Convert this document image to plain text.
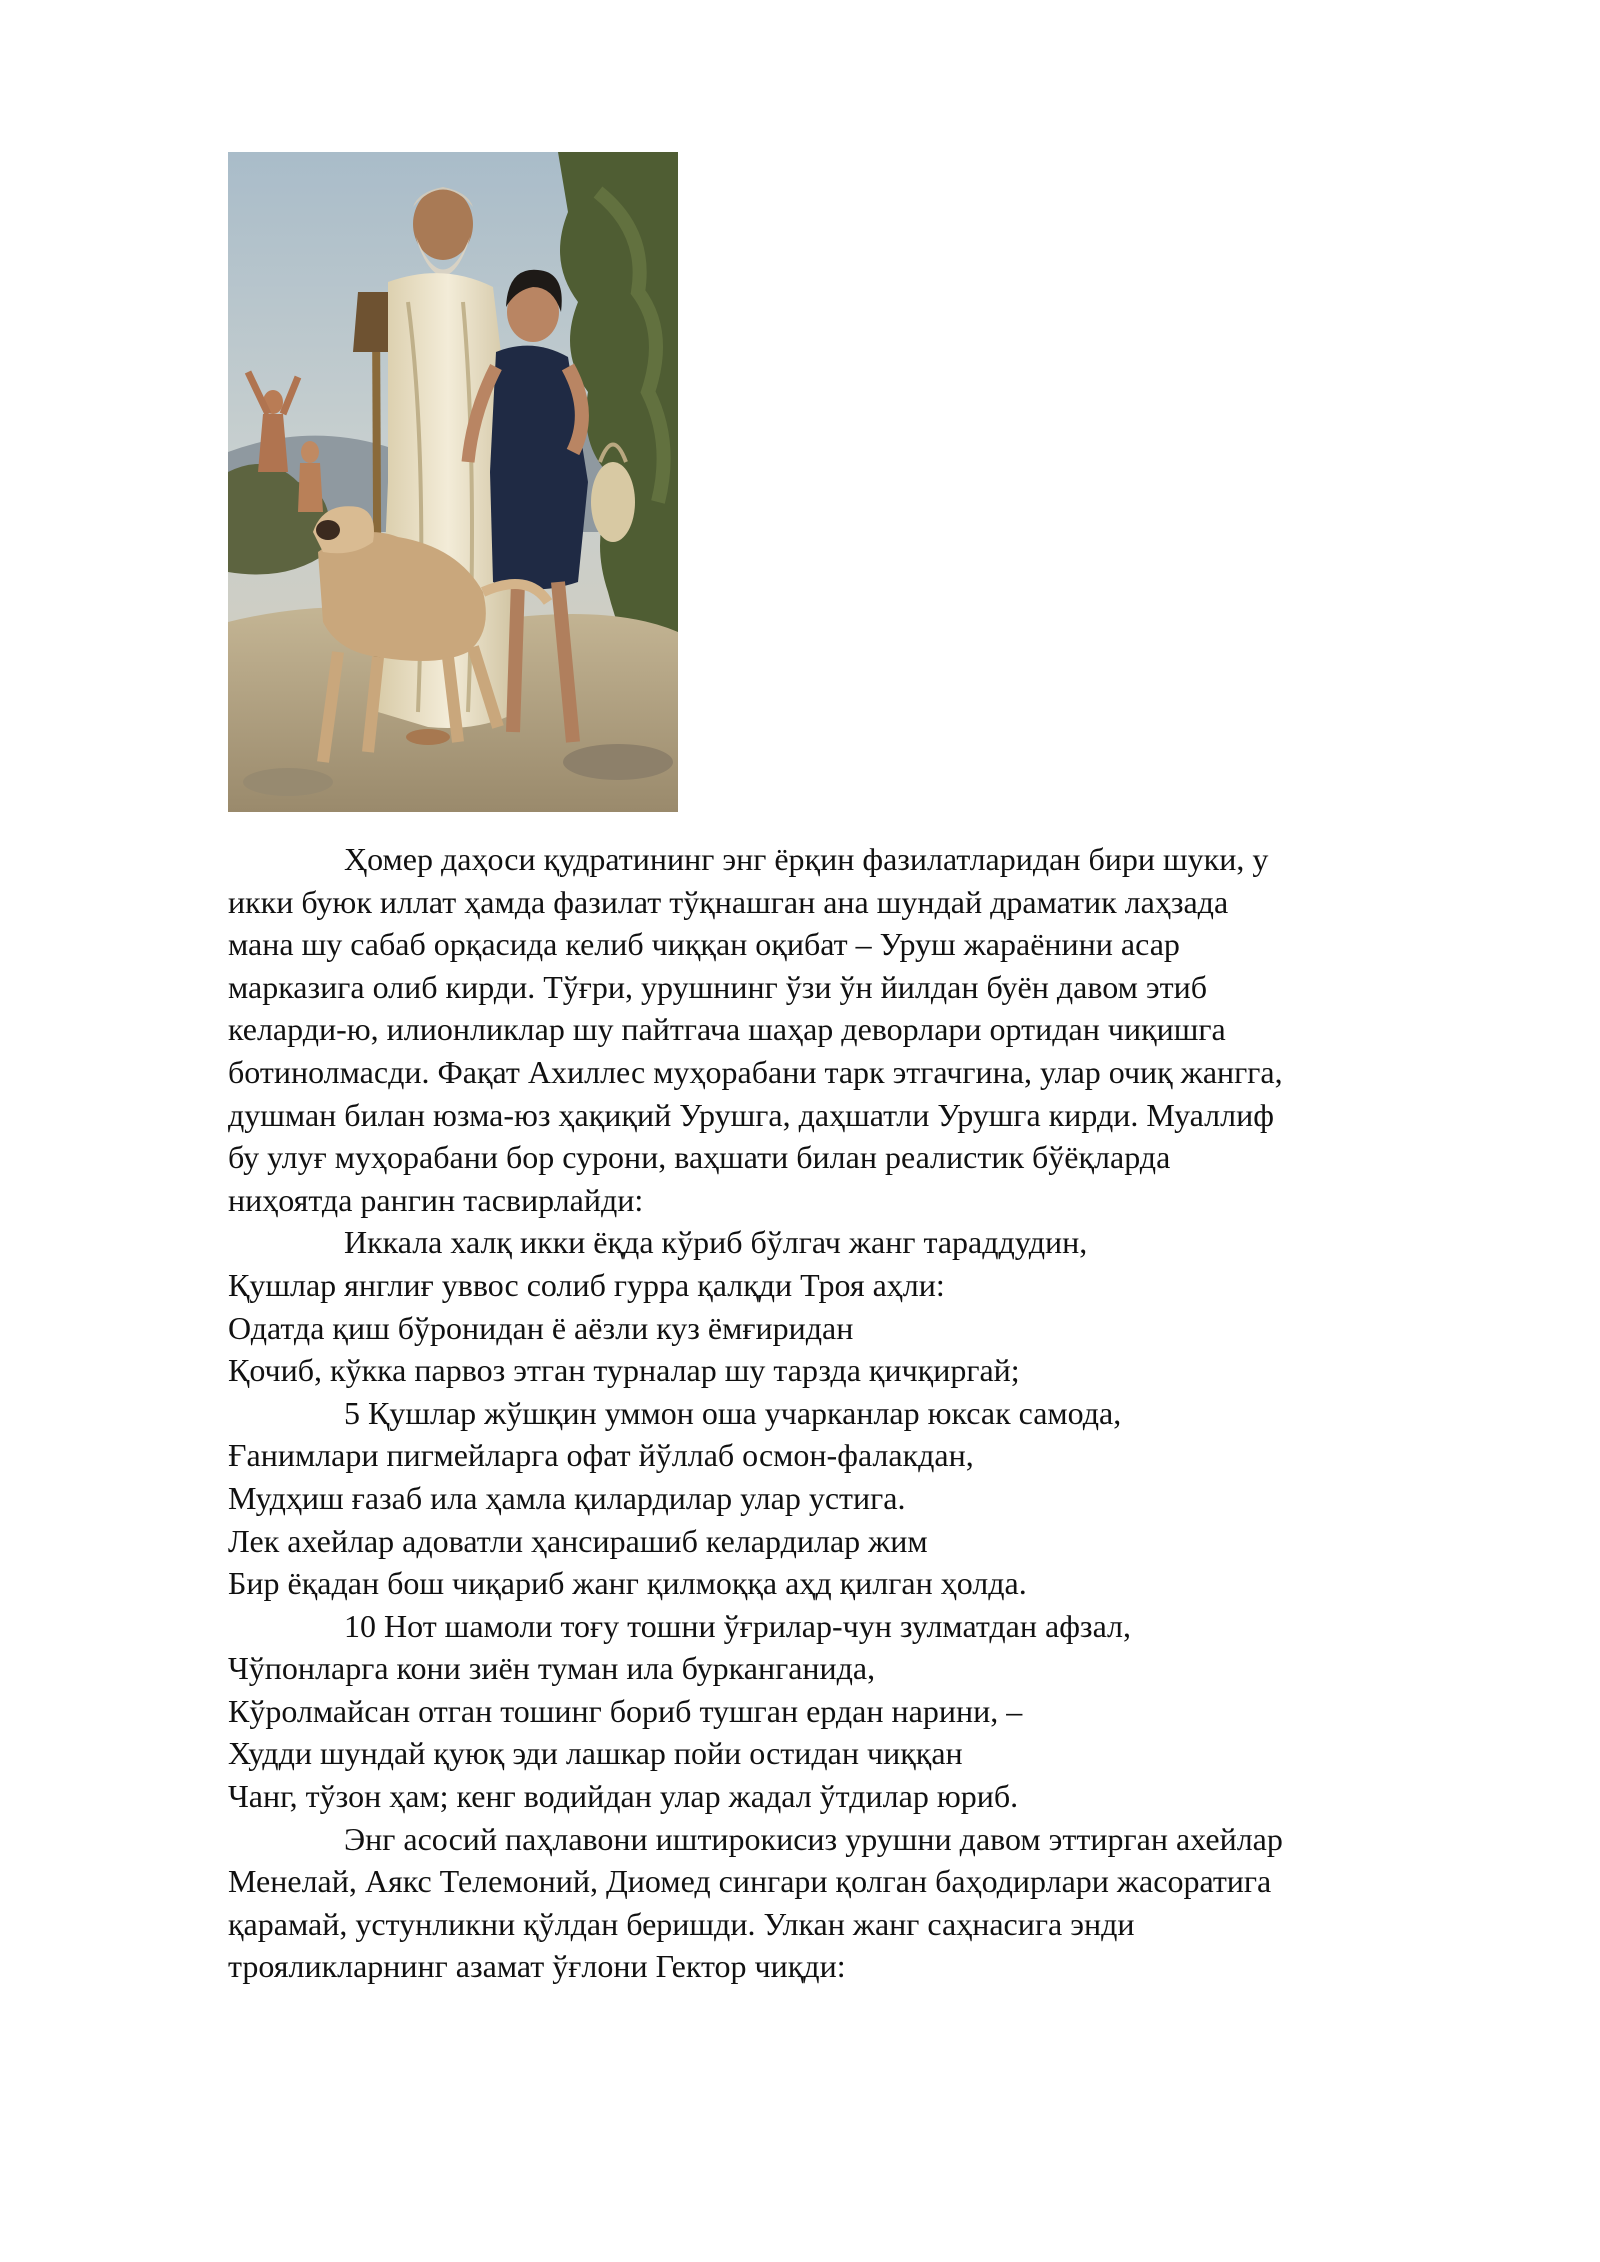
Ҳомер даҳоси қудратининг энг ёрқин фазилатларидан бири шуки, у

икки буюк иллат ҳамда фазилат тўқнашган ана шундай драматик лаҳзада
мана шу сабаб орқасида келиб чиққан оқибат – Уруш жараёнини асар
марказига олиб кирди. Тўғри, урушнинг ўзи ўн йилдан буён давом этиб
келарди-ю, илионликлар шу пайтгача шаҳар деворлари ортидан чиқишга
ботинолмасди. Фақат Ахиллес муҳорабани тарк этгачгина, улар очиқ жангга,
душман билан юзма-юз ҳақиқий Урушга, даҳшатли Урушга кирди. Муаллиф
бу улуғ муҳорабани бор сурони, ваҳшати билан реалистик бўёқларда
ниҳоятда рангин тасвирлайди:
Иккала халқ икки ёқда кўриб бўлгач жанг тараддудин,
Қушлар янглиғ уввос солиб гурра қалқди Троя аҳли:
Одатда қиш бўронидан ё аёзли куз ёмғиридан
Қочиб, кўкка парвоз этган турналар шу тарзда қичқиргай;
5 Қушлар жўшқин уммон оша учарканлар юксак самода,
Ғанимлари пигмейларга офат йўллаб осмон-фалакдан,
Мудҳиш ғазаб ила ҳамла қилардилар улар устига.
Лек ахейлар адоватли ҳансирашиб келардилар жим
Бир ёқадан бош чиқариб жанг қилмоққа аҳд қилган ҳолда.
10 Нот шамоли тоғу тошни ўғрилар-чун зулматдан афзал,
Чўпонларга кони зиён туман ила бурканганида,
Кўролмайсан отган тошинг бориб тушган ердан нарини, –
Худди шундай қуюқ эди лашкар пойи остидан чиққан
Чанг, тўзон ҳам; кенг водийдан улар жадал ўтдилар юриб.
Энг асосий паҳлавони иштирокисиз урушни давом эттирган ахейлар
Менелай, Аякс Телемоний, Диомед сингари қолган баҳодирлари жасоратига
қарамай, устунликни қўлдан беришди. Улкан жанг саҳнасига энди
трояликларнинг азамат ўғлони Гектор чиқди:
